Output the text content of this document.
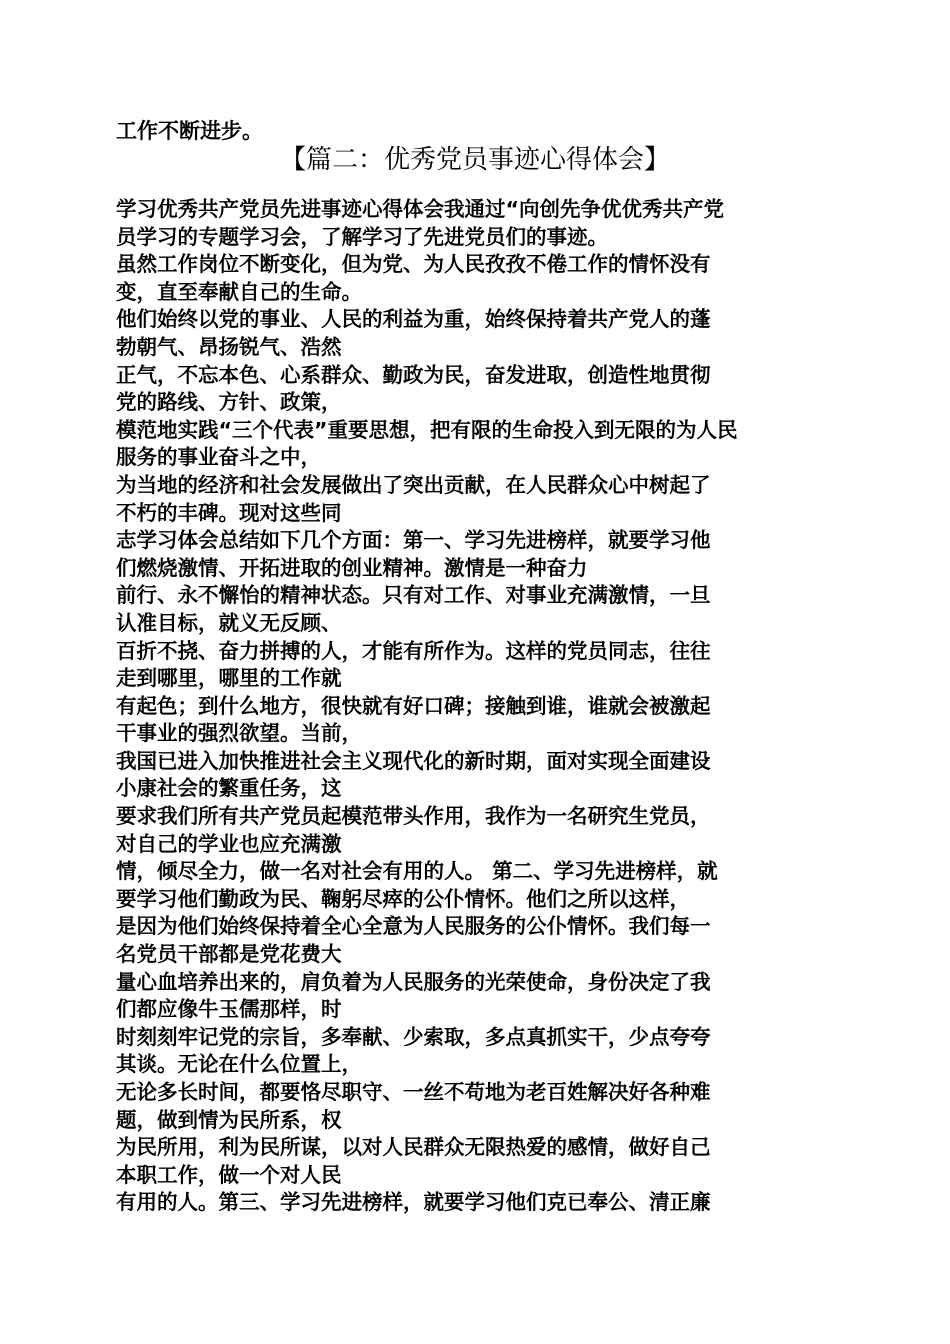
工作不断进步。
【篇二：优秀党员事迹心得体会】
学习优秀共产党员先进事迹心得体会我通过“向创先争优优秀共产党
员学习的专题学习会，了解学习了先进党员们的事迹。
虽然工作岗位不断变化，但为党、为人民孜孜不倦工作的情怀没有
变，直至奉献自己的生命。
他们始终以党的事业、人民的利益为重，始终保持着共产党人的蓬
勃朝气、昂扬锐气、浩然
正气，不忘本色、心系群众、勤政为民，奋发进取，创造性地贯彻
党的路线、方针、政策，
模范地实践“三个代表”重要思想，把有限的生命投入到无限的为人民
服务的事业奋斗之中，
为当地的经济和社会发展做出了突出贡献，在人民群众心中树起了
不朽的丰碑。现对这些同
志学习体会总结如下几个方面：第一、学习先进榜样，就要学习他
们燃烧激情、开拓进取的创业精神。激情是一种奋力
前行、永不懈怡的精神状态。只有对工作、对事业充满激情，一旦
认准目标，就义无反顾、
百折不挠、奋力拼搏的人，才能有所作为。这样的党员同志，往往
走到哪里，哪里的工作就
有起色；到什么地方，很快就有好口碑；接触到谁，谁就会被激起
干事业的强烈欲望。当前，
我国已进入加快推进社会主义现代化的新时期，面对实现全面建设
小康社会的繁重任务，这
要求我们所有共产党员起模范带头作用，我作为一名研究生党员，
对自己的学业也应充满激
情，倾尽全力，做一名对社会有用的人。 第二、学习先进榜样，就
要学习他们勤政为民、鞠躬尽瘁的公仆情怀。他们之所以这样，
是因为他们始终保持着全心全意为人民服务的公仆情怀。我们每一
名党员干部都是党花费大
量心血培养出来的，肩负着为人民服务的光荣使命，身份决定了我
们都应像牛玉儒那样，时
时刻刻牢记党的宗旨，多奉献、少索取，多点真抓实干，少点夸夸
其谈。无论在什么位置上，
无论多长时间，都要恪尽职守、一丝不苟地为老百姓解决好各种难
题，做到情为民所系，权
为民所用，利为民所谋，以对人民群众无限热爱的感情，做好自己
本职工作，做一个对人民
有用的人。第三、学习先进榜样，就要学习他们克已奉公、清正廉
